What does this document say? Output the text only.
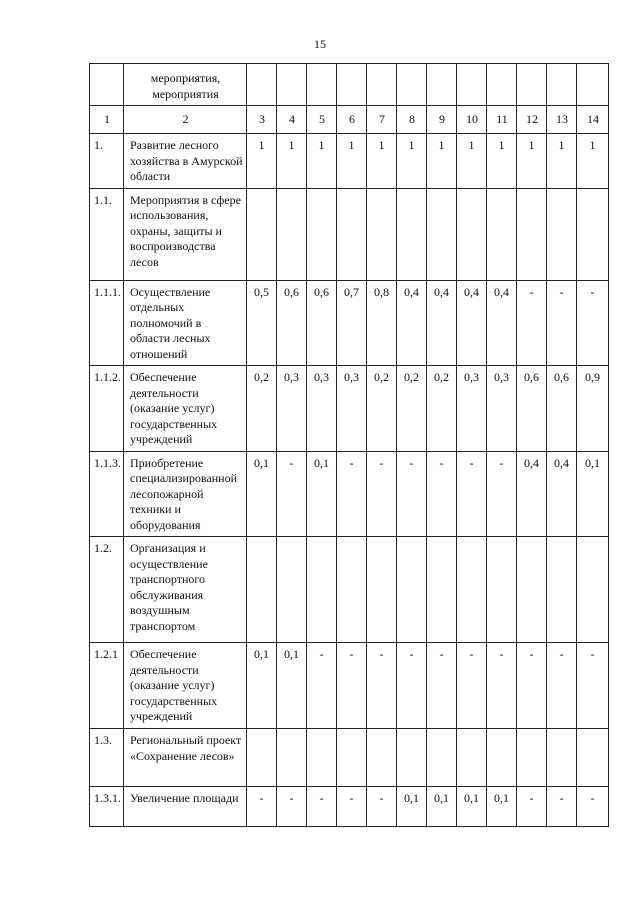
15
	мероприятия, мероприятия												
1	2	3	4	5	6	7	8	9	10	11	12	13	14
1.	Развитие лесного хозяйства в Амурской области	1	1	1	1	1	1	1	1	1	1	1	1
1.1.	Мероприятия в сфере использования, охраны, защиты и воспроизводства лесов												
1.1.1.	Осуществление отдельных полномочий в области лесных отношений	0,5	0,6	0,6	0,7	0,8	0,4	0,4	0,4	0,4	-	-	-
1.1.2.	Обеспечение деятельности (оказание услуг) государственных учреждений	0,2	0,3	0,3	0,3	0,2	0,2	0,2	0,3	0,3	0,6	0,6	0,9
1.1.3.	Приобретение специализированной лесопожарной техники и оборудования	0,1	-	0,1	-	-	-	-	-	-	0,4	0,4	0,1
1.2.	Организация и осуществление транспортного обслуживания воздушным транспортом												
1.2.1	Обеспечение деятельности (оказание услуг) государственных учреждений	0,1	0,1	-	-	-	-	-	-	-	-	-	-
1.3.	Региональный проект «Сохранение лесов»												
1.3.1.	Увеличение площади	-	-	-	-	-	0,1	0,1	0,1	0,1	-	-	-
